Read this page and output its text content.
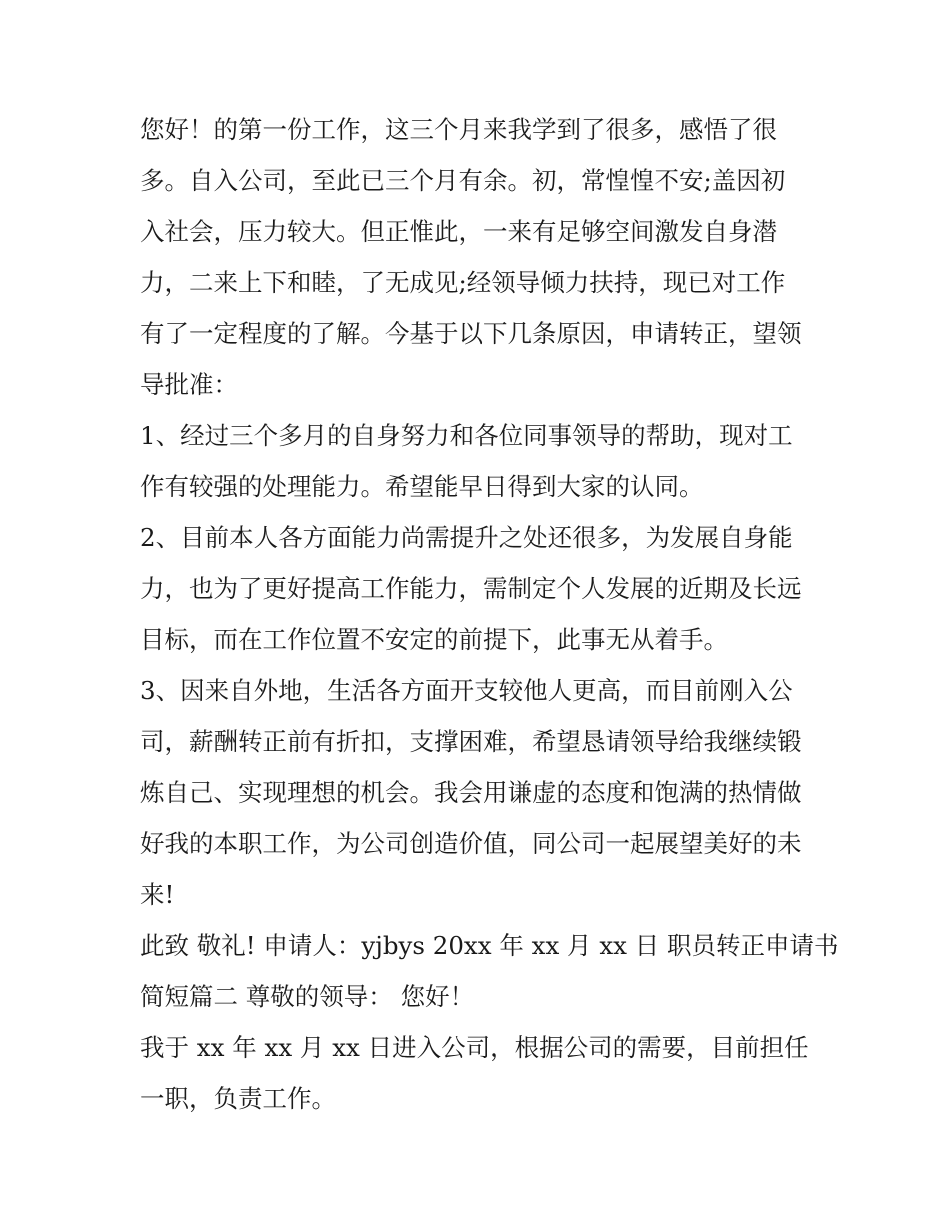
您好！的第一份工作，这三个月来我学到了很多，感悟了很
多。自入公司，至此已三个月有余。初，常惶惶不安;盖因初
入社会，压力较大。但正惟此，一来有足够空间激发自身潜
力，二来上下和睦，了无成见;经领导倾力扶持，现已对工作
有了一定程度的了解。今基于以下几条原因，申请转正，望领
导批准：

1、经过三个多月的自身努力和各位同事领导的帮助，现对工
作有较强的处理能力。希望能早日得到大家的认同。

2、目前本人各方面能力尚需提升之处还很多，为发展自身能
力，也为了更好提高工作能力，需制定个人发展的近期及长远
目标，而在工作位置不安定的前提下，此事无从着手。

3、因来自外地，生活各方面开支较他人更高，而目前刚入公
司，薪酬转正前有折扣，支撑困难，希望恳请领导给我继续锻
炼自己、实现理想的机会。我会用谦虚的态度和饱满的热情做
好我的本职工作，为公司创造价值，同公司一起展望美好的未
来!

此致 敬礼! 申请人：yjbys 20xx 年 xx 月 xx 日 职员转正申请书
简短篇二 尊敬的领导： 您好！

我于 xx 年 xx 月 xx 日进入公司，根据公司的需要，目前担任
一职，负责工作。
